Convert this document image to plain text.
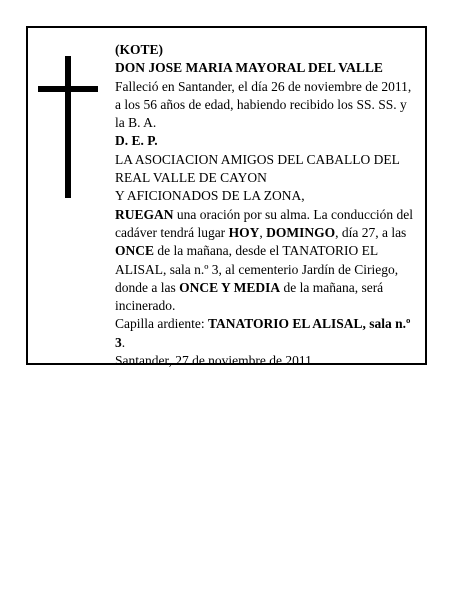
(KOTE)

DON JOSE MARIA MAYORAL DEL VALLE

Falleció en Santander, el día 26 de noviembre de 2011,

a los 56 años de edad, habiendo recibido los SS. SS. y

la B. A.

D. E. P.

LA ASOCIACION AMIGOS DEL CABALLO DEL

REAL VALLE DE CAYON

Y AFICIONADOS DE LA ZONA,

RUEGAN una oración por su alma. La conducción del cadáver tendrá lugar HOY, DOMINGO, día 27, a las ONCE de la mañana, desde el TANATORIO EL ALISAL, sala n.º 3, al cementerio Jardín de Ciriego, donde a las ONCE Y MEDIA de la mañana, será incinerado.

Capilla ardiente: TANATORIO EL ALISAL, sala n.º 3.

Santander, 27 de noviembre de 2011.
